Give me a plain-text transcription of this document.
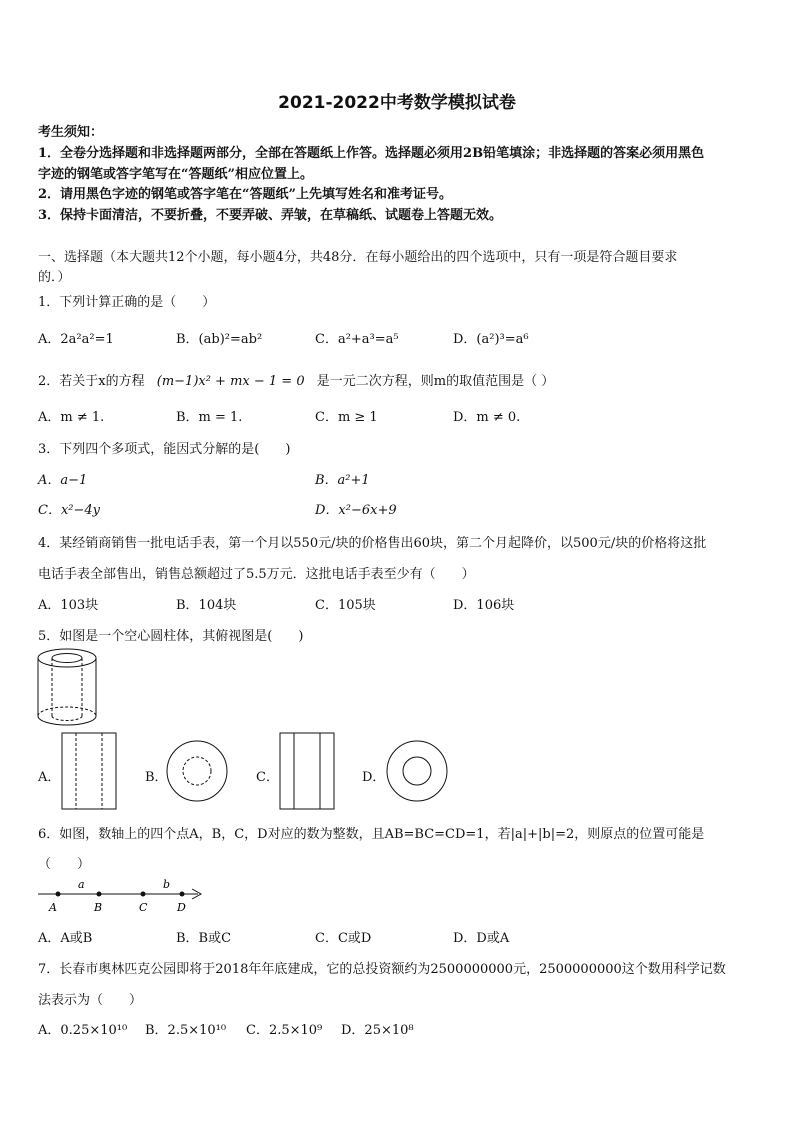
2021-2022中考数学模拟试卷
考生须知：
1．全卷分选择题和非选择题两部分，全部在答题纸上作答。选择题必须用2B铅笔填涂；非选择题的答案必须用黑色
字迹的钢笔或答字笔写在“答题纸”相应位置上。
2．请用黑色字迹的钢笔或答字笔在“答题纸”上先填写姓名和准考证号。
3．保持卡面清洁，不要折叠，不要弄破、弄皱，在草稿纸、试题卷上答题无效。
一、选择题（本大题共12个小题，每小题4分，共48分．在每小题给出的四个选项中，只有一项是符合题目要求
的．）
1．下列计算正确的是（　　）
A．2a²a²=1	B．(ab)²=ab²	C．a²+a³=a⁵	D．(a²)³=a⁶
2．若关于x的方程 (m−1)x² + mx − 1 = 0 是一元二次方程，则m的取值范围是（ ）
A．m ≠ 1.	B．m = 1.	C．m ≥ 1	D．m ≠ 0.
3．下列四个多项式，能因式分解的是(　　)
A．a−1	B．a²+1
C．x²−4y	D．x²−6x+9
4．某经销商销售一批电话手表，第一个月以550元/块的价格售出60块，第二个月起降价，以500元/块的价格将这批
电话手表全部售出，销售总额超过了5.5万元．这批电话手表至少有（　　）
A．103块	B．104块	C．105块	D．106块
5．如图是一个空心圆柱体，其俯视图是(　　)
A．	B．	C．	D．
6．如图，数轴上的四个点A，B，C，D对应的数为整数，且AB=BC=CD=1，若|a|+|b|=2，则原点的位置可能是
（　　）
A	B	C	D
a	b
A．A或B	B．B或C	C．C或D	D．D或A
7．长春市奥林匹克公园即将于2018年年底建成，它的总投资额约为2500000000元，2500000000这个数用科学记数
法表示为（　　）
A．0.25×10¹⁰ B．2.5×10¹⁰ C．2.5×10⁹ D．25×10⁸
